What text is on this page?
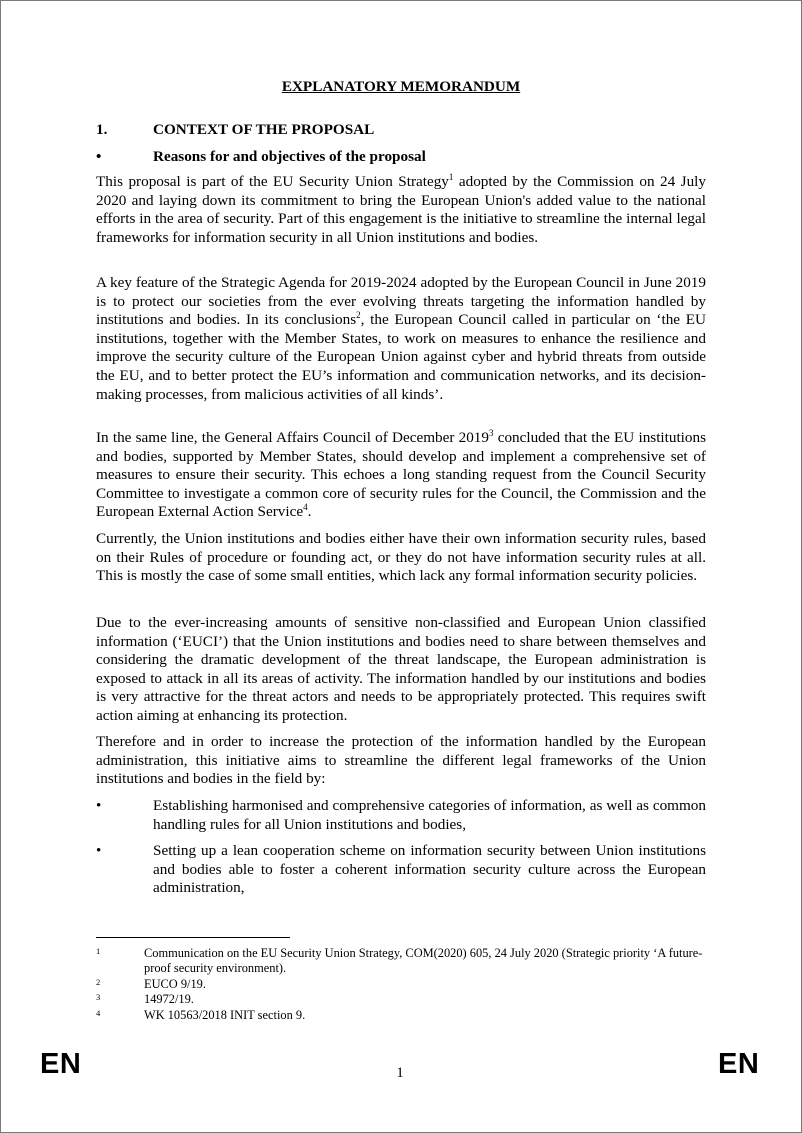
EXPLANATORY MEMORANDUM
1.	CONTEXT OF THE PROPOSAL
•	Reasons for and objectives of the proposal

This proposal is part of the EU Security Union Strategy$^1$ adopted by the Commission on 24 July 2020 and laying down its commitment to bring the European Union's added value to the national efforts in the area of security. Part of this engagement is the initiative to streamline the internal legal frameworks for information security in all Union institutions and bodies.

A key feature of the Strategic Agenda for 2019-2024 adopted by the European Council in June 2019 is to protect our societies from the ever evolving threats targeting the information handled by institutions and bodies. In its conclusions$^2$, the European Council called in particular on ‘the EU institutions, together with the Member States, to work on measures to enhance the resilience and improve the security culture of the European Union against cyber and hybrid threats from outside the EU, and to better protect the EU’s information and communication networks, and its decision-making processes, from malicious activities of all kinds’.

In the same line, the General Affairs Council of December 2019$^3$ concluded that the EU institutions and bodies, supported by Member States, should develop and implement a comprehensive set of measures to ensure their security. This echoes a long standing request from the Council Security Committee to investigate a common core of security rules for the Council, the Commission and the European External Action Service$^4$.

Currently, the Union institutions and bodies either have their own information security rules, based on their Rules of procedure or founding act, or they do not have information security rules at all. This is mostly the case of some small entities, which lack any formal information security policies.

Due to the ever-increasing amounts of sensitive non-classified and European Union classified information (‘EUCI’) that the Union institutions and bodies need to share between themselves and considering the dramatic development of the threat landscape, the European administration is exposed to attack in all its areas of activity. The information handled by our institutions and bodies is very attractive for the threat actors and needs to be appropriately protected. This requires swift action aiming at enhancing its protection.

Therefore and in order to increase the protection of the information handled by the European administration, this initiative aims to streamline the different legal frameworks of the Union institutions and bodies in the field by:

•	Establishing harmonised and comprehensive categories of information, as well as common handling rules for all Union institutions and bodies,
•	Setting up a lean cooperation scheme on information security between Union institutions and bodies able to foster a coherent information security culture across the European administration,
1	Communication on the EU Security Union Strategy, COM(2020) 605, 24 July 2020 (Strategic priority ‘A future-proof security environment).
2	EUCO 9/19.
3	14972/19.
4	WK 10563/2018 INIT section 9.
EN	1	EN
